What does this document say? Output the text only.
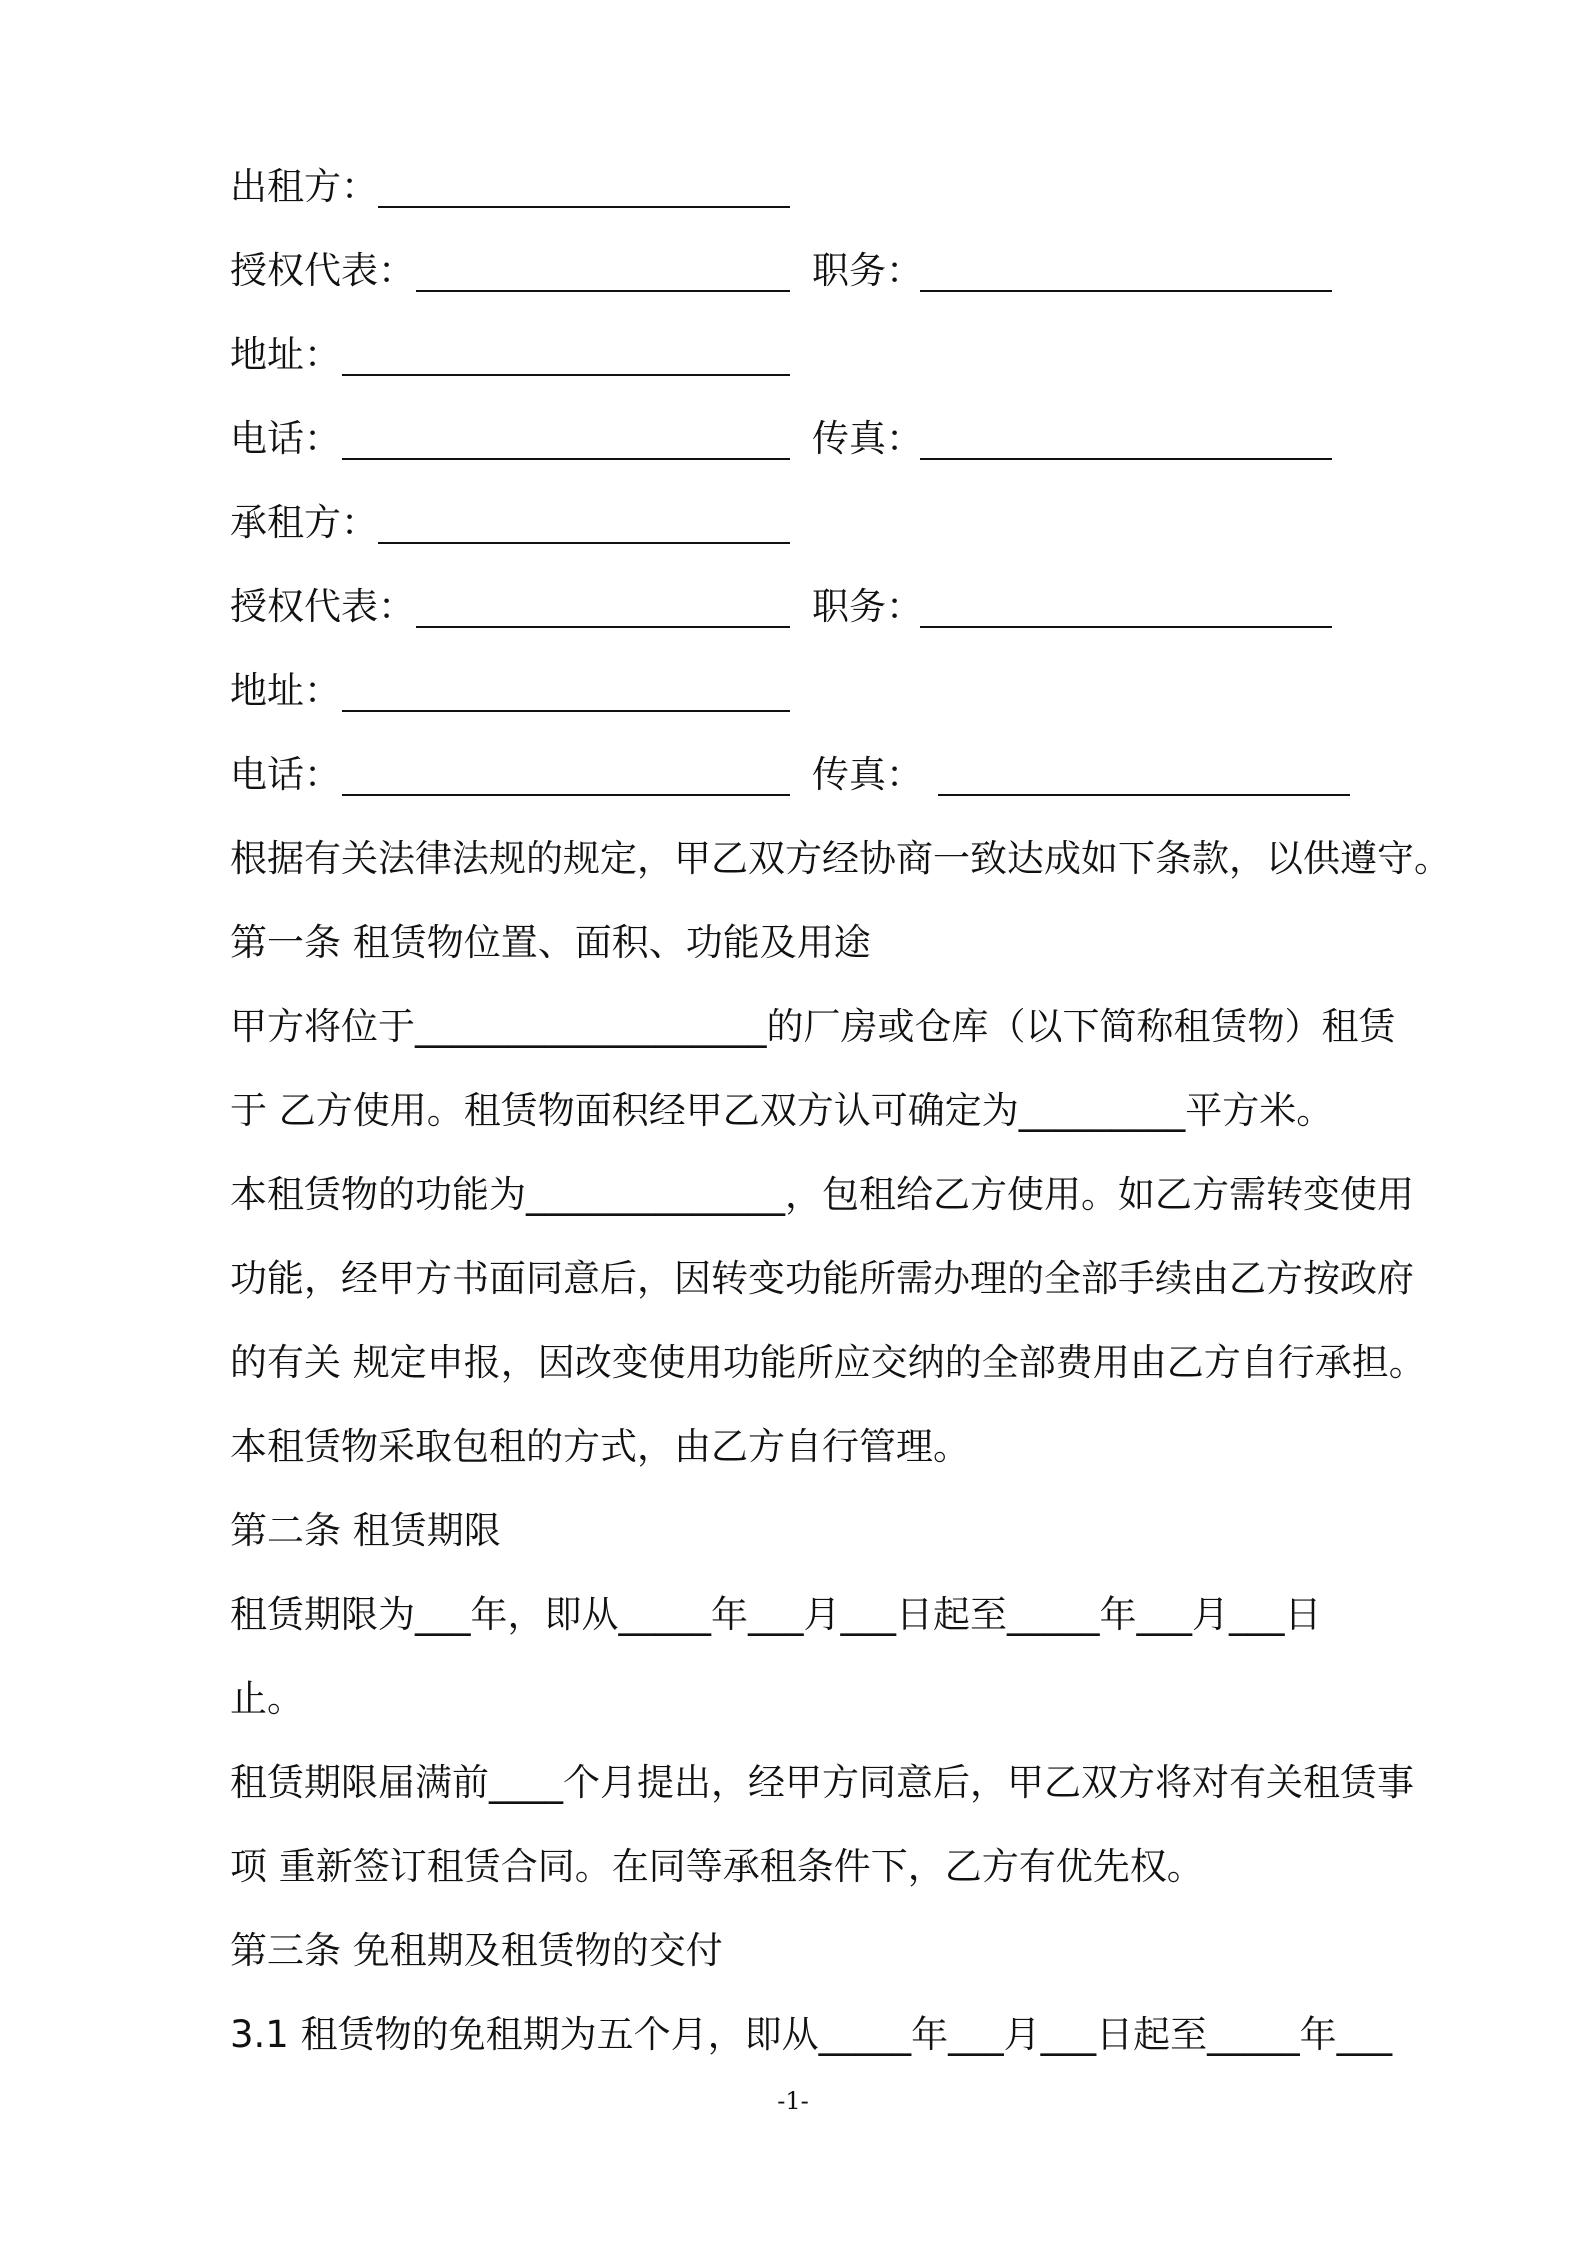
出租方：
授权代表：	职务：
地址：
电话：	传真：
承租方：
授权代表：	职务：
地址：
电话：	传真：
根据有关法律法规的规定，甲乙双方经协商一致达成如下条款，以供遵守。
第一条 租赁物位置、面积、功能及用途
甲方将位于___________________的厂房或仓库（以下简称租赁物）租赁
于 乙方使用。租赁物面积经甲乙双方认可确定为_________平方米。
本租赁物的功能为______________，包租给乙方使用。如乙方需转变使用
功能，经甲方书面同意后，因转变功能所需办理的全部手续由乙方按政府
的有关 规定申报，因改变使用功能所应交纳的全部费用由乙方自行承担。
本租赁物采取包租的方式，由乙方自行管理。
第二条 租赁期限
租赁期限为___年，即从_____年___月___日起至_____年___月___日
止。
租赁期限届满前____个月提出，经甲方同意后，甲乙双方将对有关租赁事
项 重新签订租赁合同。在同等承租条件下，乙方有优先权。
第三条 免租期及租赁物的交付
3.1 租赁物的免租期为五个月，即从_____年___月___日起至_____年___
-1-
